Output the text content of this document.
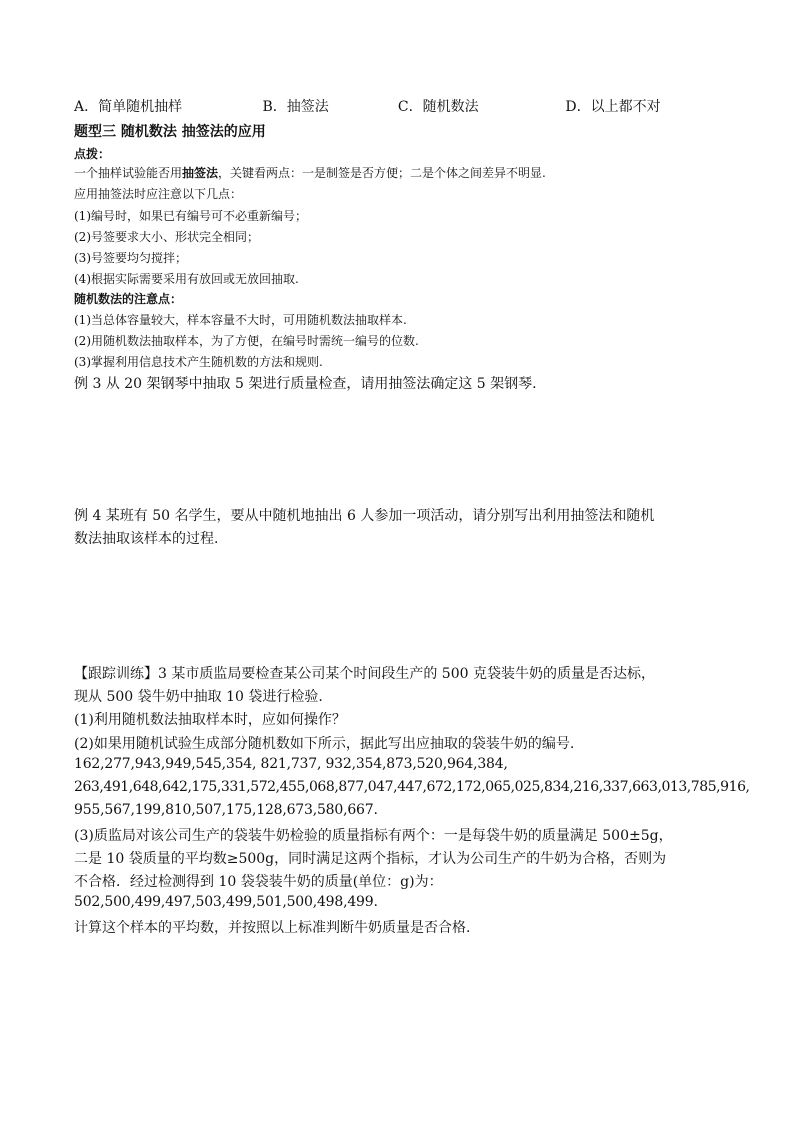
A．简单随机抽样	B．抽签法	C．随机数法	D．以上都不对
题型三 随机数法 抽签法的应用
点拨：
一个抽样试验能否用抽签法，关键看两点：一是制签是否方便；二是个体之间差异不明显.
应用抽签法时应注意以下几点：
(1)编号时，如果已有编号可不必重新编号；
(2)号签要求大小、形状完全相同；
(3)号签要均匀搅拌；
(4)根据实际需要采用有放回或无放回抽取.
随机数法的注意点：
(1)当总体容量较大，样本容量不大时，可用随机数法抽取样本.
(2)用随机数法抽取样本，为了方便，在编号时需统一编号的位数.
(3)掌握利用信息技术产生随机数的方法和规则.
例 3 从 20 架钢琴中抽取 5 架进行质量检查，请用抽签法确定这 5 架钢琴.
例 4 某班有 50 名学生，要从中随机地抽出 6 人参加一项活动，请分别写出利用抽签法和随机
数法抽取该样本的过程.
【跟踪训练】3 某市质监局要检查某公司某个时间段生产的 500 克袋装牛奶的质量是否达标，
现从 500 袋牛奶中抽取 10 袋进行检验.
(1)利用随机数法抽取样本时，应如何操作？
(2)如果用随机试验生成部分随机数如下所示，据此写出应抽取的袋装牛奶的编号.
162,277,943,949,545,354, 821,737, 932,354,873,520,964,384,
263,491,648,642,175,331,572,455,068,877,047,447,672,172,065,025,834,216,337,663,013,785,916,
955,567,199,810,507,175,128,673,580,667.
(3)质监局对该公司生产的袋装牛奶检验的质量指标有两个：一是每袋牛奶的质量满足 500±5g，
二是 10 袋质量的平均数≥500g，同时满足这两个指标，才认为公司生产的牛奶为合格，否则为
不合格．经过检测得到 10 袋袋装牛奶的质量(单位：g)为：
502,500,499,497,503,499,501,500,498,499.
计算这个样本的平均数，并按照以上标准判断牛奶质量是否合格.
